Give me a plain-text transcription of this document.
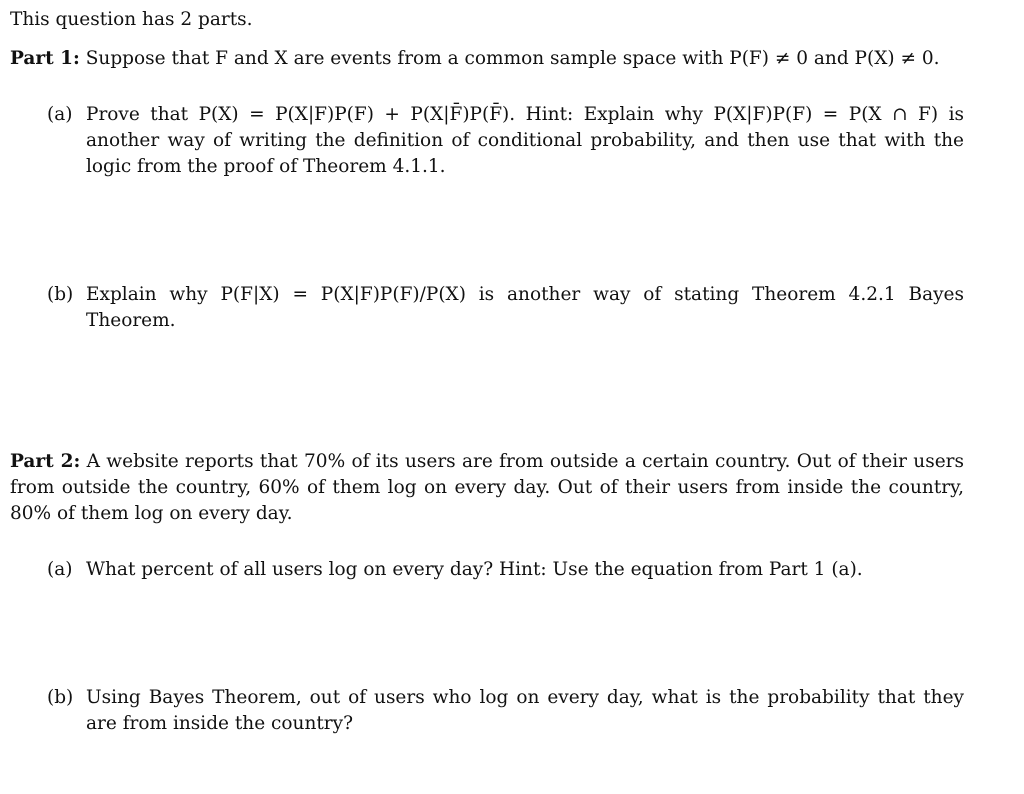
This question has 2 parts.
Part 1: Suppose that F and X are events from a common sample space with P(F) ≠ 0 and P(X) ≠ 0.
(a) Prove that P(X) = P(X|F)P(F) + P(X|F̄)P(F̄). Hint: Explain why P(X|F)P(F) = P(X ∩ F) is another way of writing the definition of conditional probability, and then use that with the logic from the proof of Theorem 4.1.1.
(b) Explain why P(F|X) = P(X|F)P(F)/P(X) is another way of stating Theorem 4.2.1 Bayes Theorem.
Part 2: A website reports that 70% of its users are from outside a certain country. Out of their users from outside the country, 60% of them log on every day. Out of their users from inside the country, 80% of them log on every day.
(a) What percent of all users log on every day? Hint: Use the equation from Part 1 (a).
(b) Using Bayes Theorem, out of users who log on every day, what is the probability that they are from inside the country?
